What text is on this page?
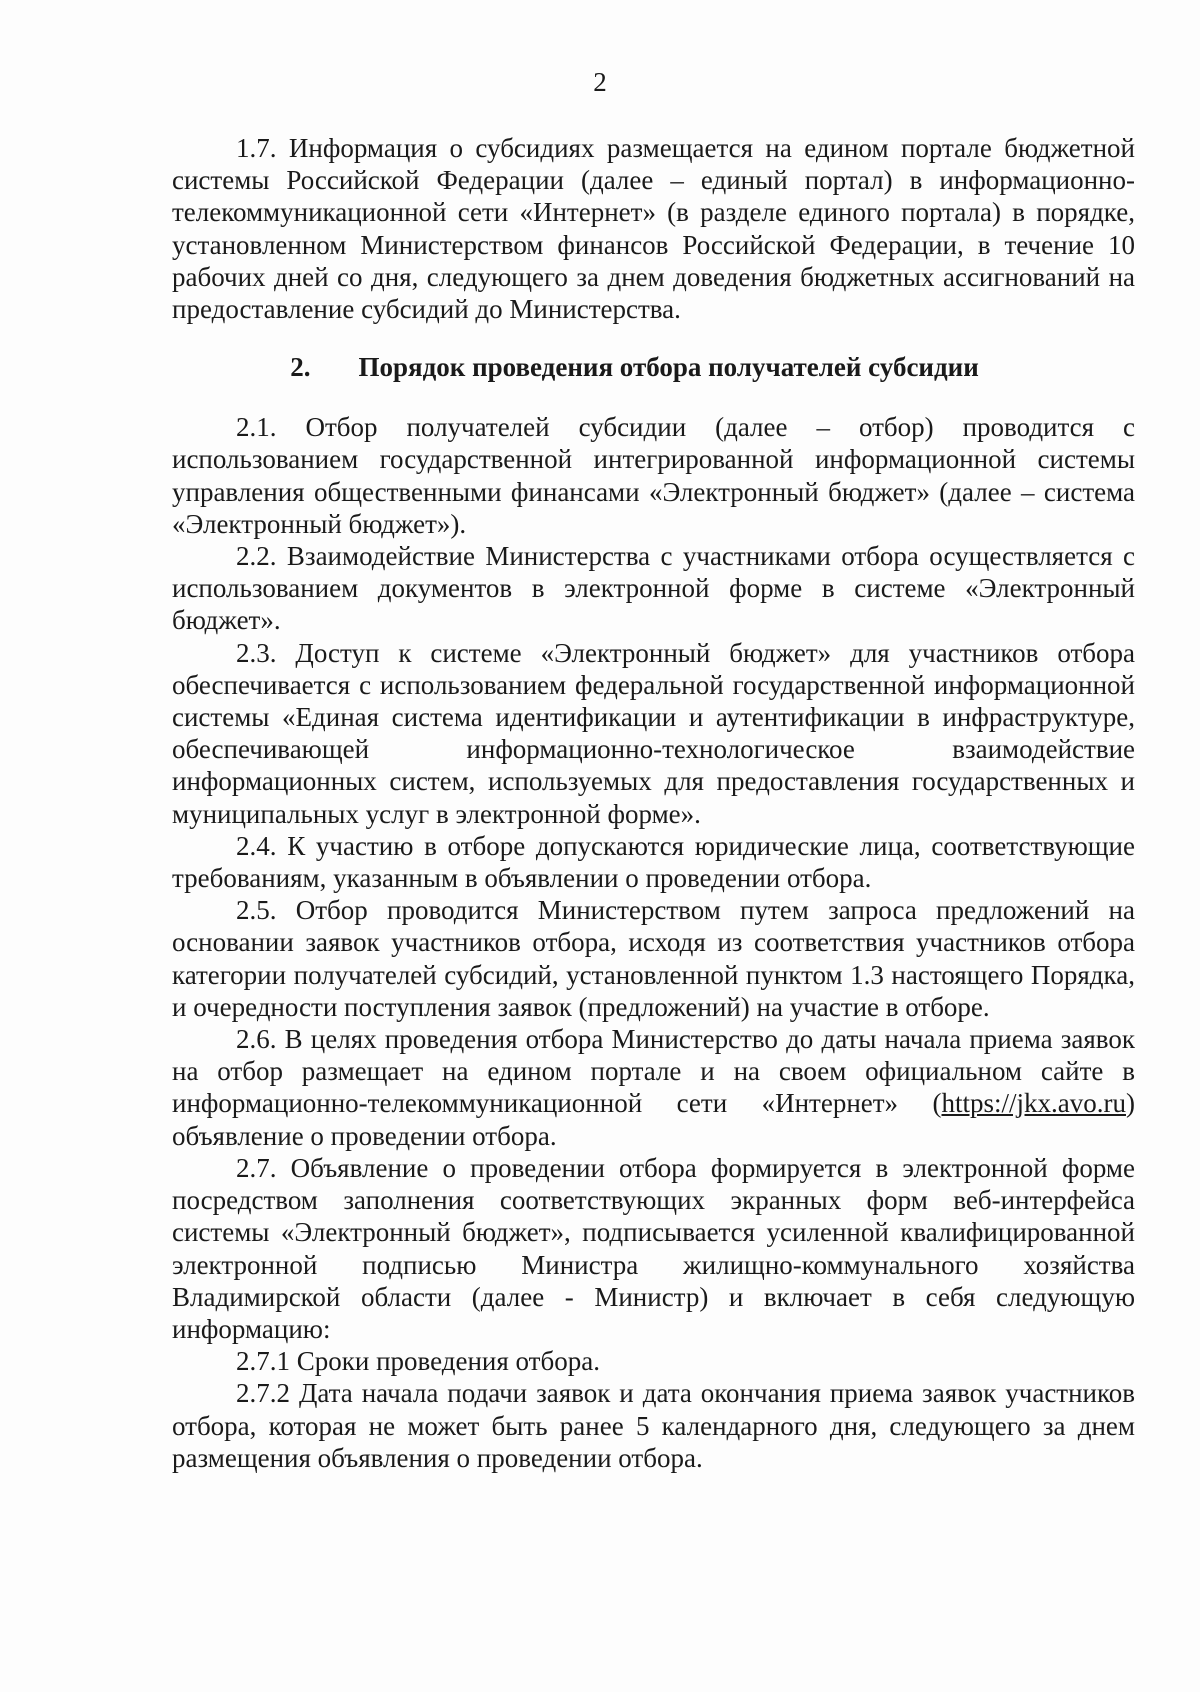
2

1.7. Информация о субсидиях размещается на едином портале бюджетной системы Российской Федерации (далее – единый портал) в информационно-телекоммуникационной сети «Интернет» (в разделе единого портала) в порядке, установленном Министерством финансов Российской Федерации, в течение 10 рабочих дней со дня, следующего за днем доведения бюджетных ассигнований на предоставление субсидий до Министерства.

2. Порядок проведения отбора получателей субсидии

2.1. Отбор получателей субсидии (далее – отбор) проводится с использованием государственной интегрированной информационной системы управления общественными финансами «Электронный бюджет» (далее – система «Электронный бюджет»).

2.2. Взаимодействие Министерства с участниками отбора осуществляется с использованием документов в электронной форме в системе «Электронный бюджет».

2.3. Доступ к системе «Электронный бюджет» для участников отбора обеспечивается с использованием федеральной государственной информационной системы «Единая система идентификации и аутентификации в инфраструктуре, обеспечивающей информационно-технологическое взаимодействие информационных систем, используемых для предоставления государственных и муниципальных услуг в электронной форме».

2.4. К участию в отборе допускаются юридические лица, соответствующие требованиям, указанным в объявлении о проведении отбора.

2.5. Отбор проводится Министерством путем запроса предложений на основании заявок участников отбора, исходя из соответствия участников отбора категории получателей субсидий, установленной пунктом 1.3 настоящего Порядка, и очередности поступления заявок (предложений) на участие в отборе.

2.6. В целях проведения отбора Министерство до даты начала приема заявок на отбор размещает на едином портале и на своем официальном сайте в информационно-телекоммуникационной сети «Интернет» (https://jkx.avo.ru) объявление о проведении отбора.

2.7. Объявление о проведении отбора формируется в электронной форме посредством заполнения соответствующих экранных форм веб-интерфейса системы «Электронный бюджет», подписывается усиленной квалифицированной электронной подписью Министра жилищно-коммунального хозяйства Владимирской области (далее - Министр) и включает в себя следующую информацию:

2.7.1 Сроки проведения отбора.

2.7.2 Дата начала подачи заявок и дата окончания приема заявок участников отбора, которая не может быть ранее 5 календарного дня, следующего за днем размещения объявления о проведении отбора.
